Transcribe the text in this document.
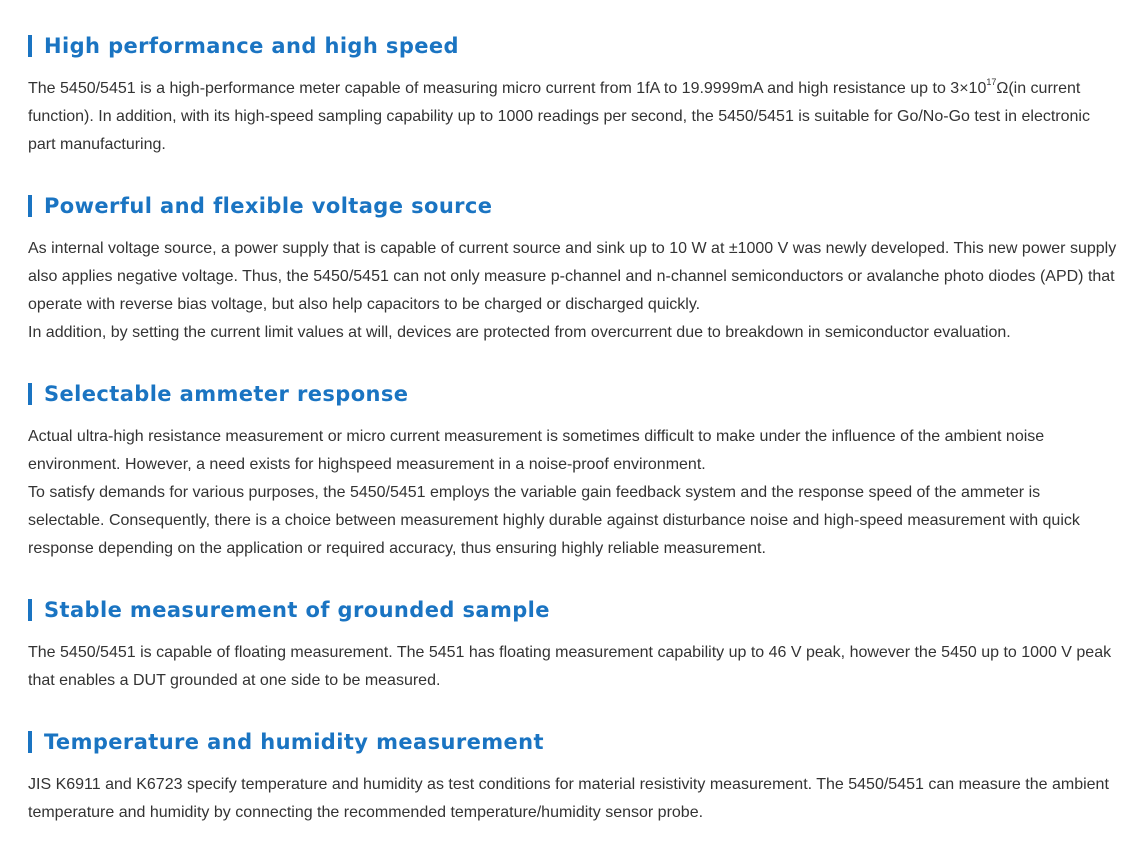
High performance and high speed

The 5450/5451 is a high-performance meter capable of measuring micro current from 1fA to 19.9999mA and high resistance up to $3\times 10^{17}\Omega(in$ current function). In addition, with its high-speed sampling capability up to 1000 readings per second, the 5450/5451 is suitable for Go/No-Go test in electronic part manufacturing.

Powerful and flexible voltage source

As internal voltage source, a power supply that is capable of current source and sink up to 10 W at ±1000 V was newly developed. This new power supply also applies negative voltage. Thus, the 5450/5451 can not only measure p-channel and n-channel semiconductors or avalanche photo diodes (APD) that operate with reverse bias voltage, but also help capacitors to be charged or discharged quickly.

In addition, by setting the current limit values at will, devices are protected from overcurrent due to breakdown in semiconductor evaluation.

Selectable ammeter response

Actual ultra-high resistance measurement or micro current measurement is sometimes difficult to make under the influence of the ambient noise environment. However, a need exists for highspeed measurement in a noise-proof environment.

To satisfy demands for various purposes, the 5450/5451 employs the variable gain feedback system and the response speed of the ammeter is selectable. Consequently, there is a choice between measurement highly durable against disturbance noise and high-speed measurement with quick response depending on the application or required accuracy, thus ensuring highly reliable measurement.

Stable measurement of grounded sample

The 5450/5451 is capable of floating measurement. The 5451 has floating measurement capability up to 46 V peak, however the 5450 up to 1000 V peak that enables a DUT grounded at one side to be measured.

Temperature and humidity measurement

JIS K6911 and K6723 specify temperature and humidity as test conditions for material resistivity measurement. The 5450/5451 can measure the ambient temperature and humidity by connecting the recommended temperature/humidity sensor probe.
